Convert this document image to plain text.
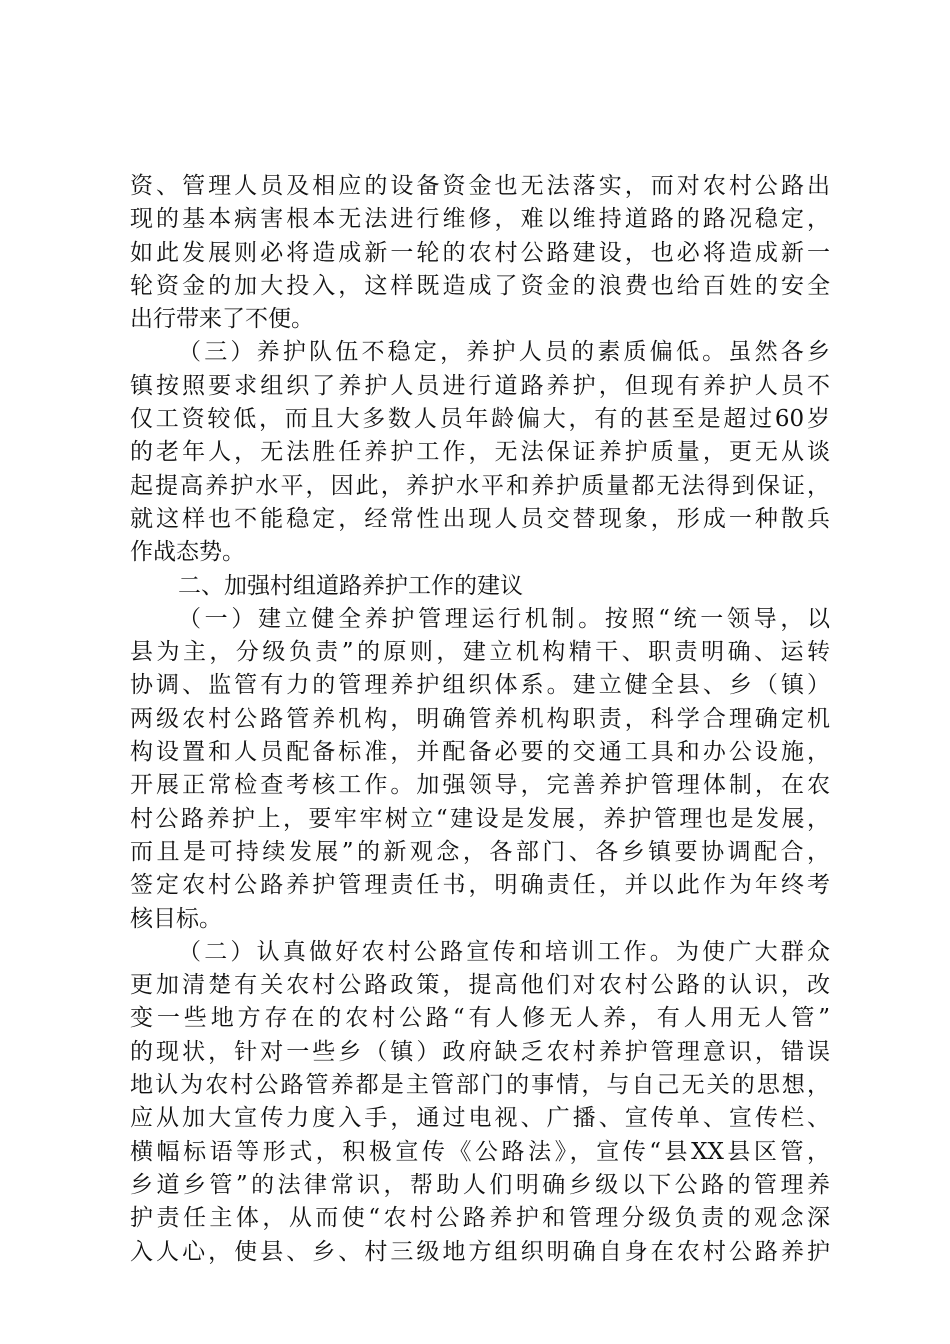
资、管理人员及相应的设备资金也无法落实，而对农村公路出
现的基本病害根本无法进行维修，难以维持道路的路况稳定，
如此发展则必将造成新一轮的农村公路建设，也必将造成新一
轮资金的加大投入，这样既造成了资金的浪费也给百姓的安全
出行带来了不便。
（三）养护队伍不稳定，养护人员的素质偏低。虽然各乡
镇按照要求组织了养护人员进行道路养护，但现有养护人员不
仅工资较低，而且大多数人员年龄偏大，有的甚至是超过60岁
的老年人，无法胜任养护工作，无法保证养护质量，更无从谈
起提高养护水平，因此，养护水平和养护质量都无法得到保证，
就这样也不能稳定，经常性出现人员交替现象，形成一种散兵
作战态势。
二、加强村组道路养护工作的建议
（一）建立健全养护管理运行机制。按照“统一领导，以
县为主，分级负责”的原则，建立机构精干、职责明确、运转
协调、监管有力的管理养护组织体系。建立健全县、乡（镇）
两级农村公路管养机构，明确管养机构职责，科学合理确定机
构设置和人员配备标准，并配备必要的交通工具和办公设施，
开展正常检查考核工作。加强领导，完善养护管理体制，在农
村公路养护上，要牢牢树立“建设是发展，养护管理也是发展，
而且是可持续发展”的新观念，各部门、各乡镇要协调配合，
签定农村公路养护管理责任书，明确责任，并以此作为年终考
核目标。
（二）认真做好农村公路宣传和培训工作。为使广大群众
更加清楚有关农村公路政策，提高他们对农村公路的认识，改
变一些地方存在的农村公路“有人修无人养，有人用无人管”
的现状，针对一些乡（镇）政府缺乏农村养护管理意识，错误
地认为农村公路管养都是主管部门的事情，与自己无关的思想，
应从加大宣传力度入手，通过电视、广播、宣传单、宣传栏、
横幅标语等形式，积极宣传《公路法》，宣传“县XX县区管，
乡道乡管”的法律常识，帮助人们明确乡级以下公路的管理养
护责任主体，从而使“农村公路养护和管理分级负责的观念深
入人心，使县、乡、村三级地方组织明确自身在农村公路养护
